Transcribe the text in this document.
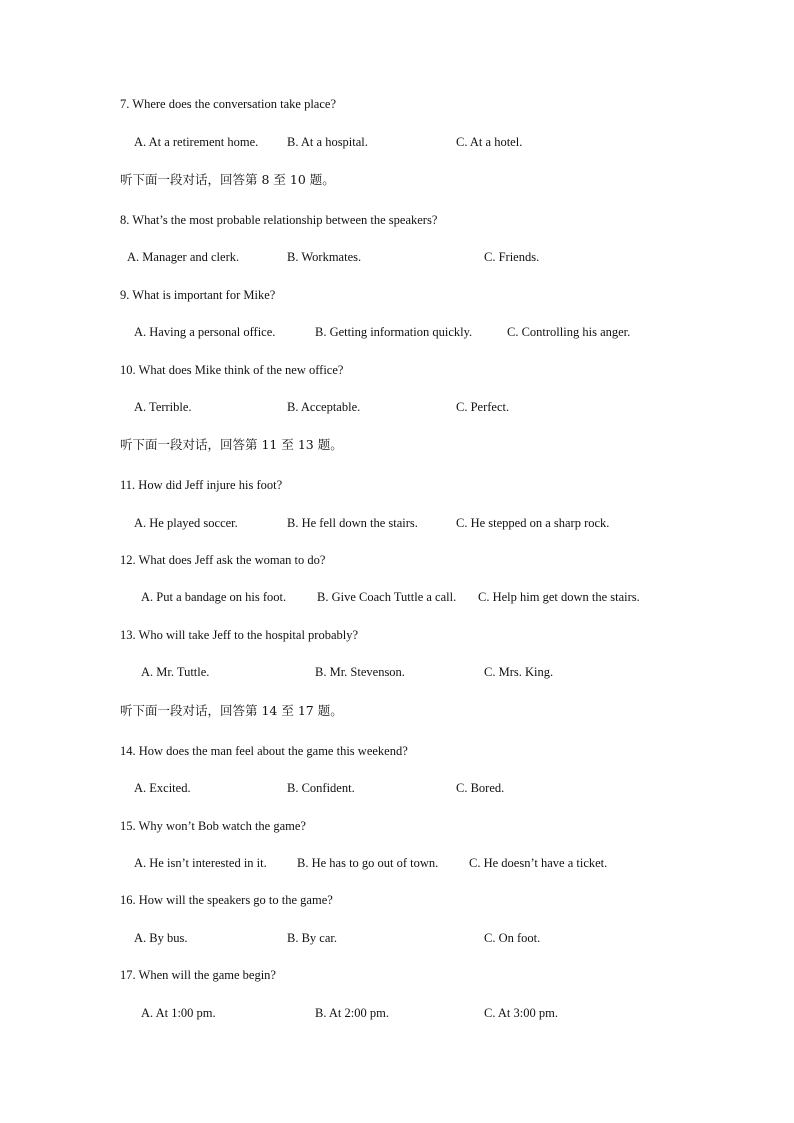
7. Where does the conversation take place?
A. At a retirement home. B. At a hospital.	C. At a hotel.
听下面一段对话，回答第 8 至 10 题。
8. What’s the most probable relationship between the speakers?
A. Manager and clerk.	B. Workmates.	C. Friends.
9. What is important for Mike?
A. Having a personal office.	B. Getting information quickly.	C. Controlling his anger.
10. What does Mike think of the new office?
A. Terrible.	B. Acceptable.	C. Perfect.
听下面一段对话，回答第 11 至 13 题。
11. How did Jeff injure his foot?
A. He played soccer.	B. He fell down the stairs.	C. He stepped on a sharp rock.
12. What does Jeff ask the woman to do?
A. Put a bandage on his foot. B. Give Coach Tuttle a call. C. Help him get down the stairs.
13. Who will take Jeff to the hospital probably?
A. Mr. Tuttle.	B. Mr. Stevenson.	C. Mrs. King.
听下面一段对话，回答第 14 至 17 题。
14. How does the man feel about the game this weekend?
A. Excited.	B. Confident.	C. Bored.
15. Why won’t Bob watch the game?
A. He isn’t interested in it. B. He has to go out of town. C. He doesn’t have a ticket.
16. How will the speakers go to the game?
A. By bus.	B. By car.	C. On foot.
17. When will the game begin?
A. At 1:00 pm.	B. At 2:00 pm.	C. At 3:00 pm.
